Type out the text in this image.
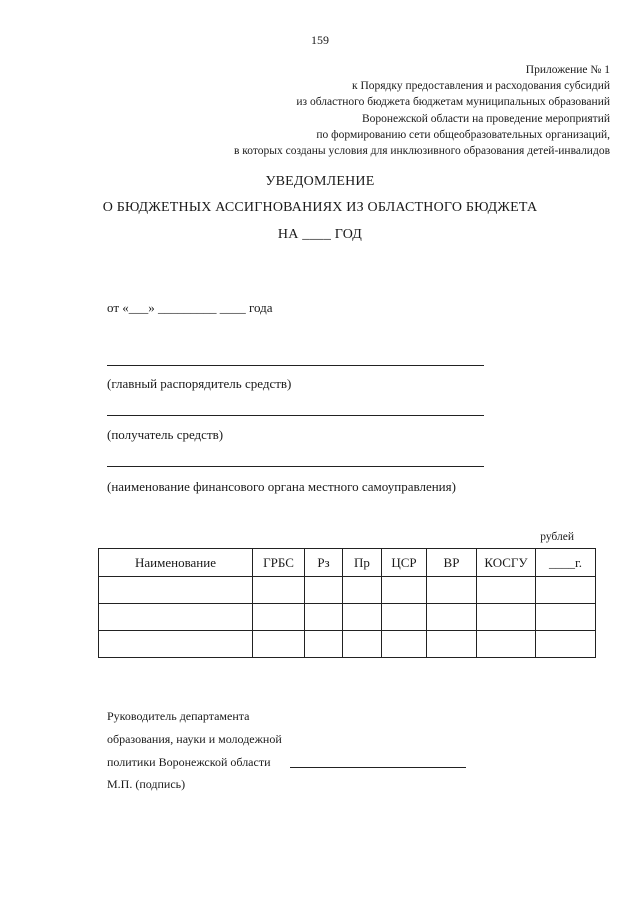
159
Приложение № 1
к Порядку предоставления и расходования субсидий
из областного бюджета бюджетам муниципальных образований
Воронежской области на проведение мероприятий
по формированию сети общеобразовательных организаций,
в которых созданы условия для инклюзивного образования детей-инвалидов
УВЕДОМЛЕНИЕ
О БЮДЖЕТНЫХ АССИГНОВАНИЯХ ИЗ ОБЛАСТНОГО БЮДЖЕТА
НА ____ ГОД
от «___» _________ ____ года
(главный распорядитель средств)
(получатель средств)
(наименование финансового органа местного самоуправления)
рублей
Наименование	ГРБС	Рз	Пр	ЦСР	ВР	КОСГУ	____г.

Руководитель департамента
образования, науки и молодежной
политики Воронежской области
М.П. (подпись)
